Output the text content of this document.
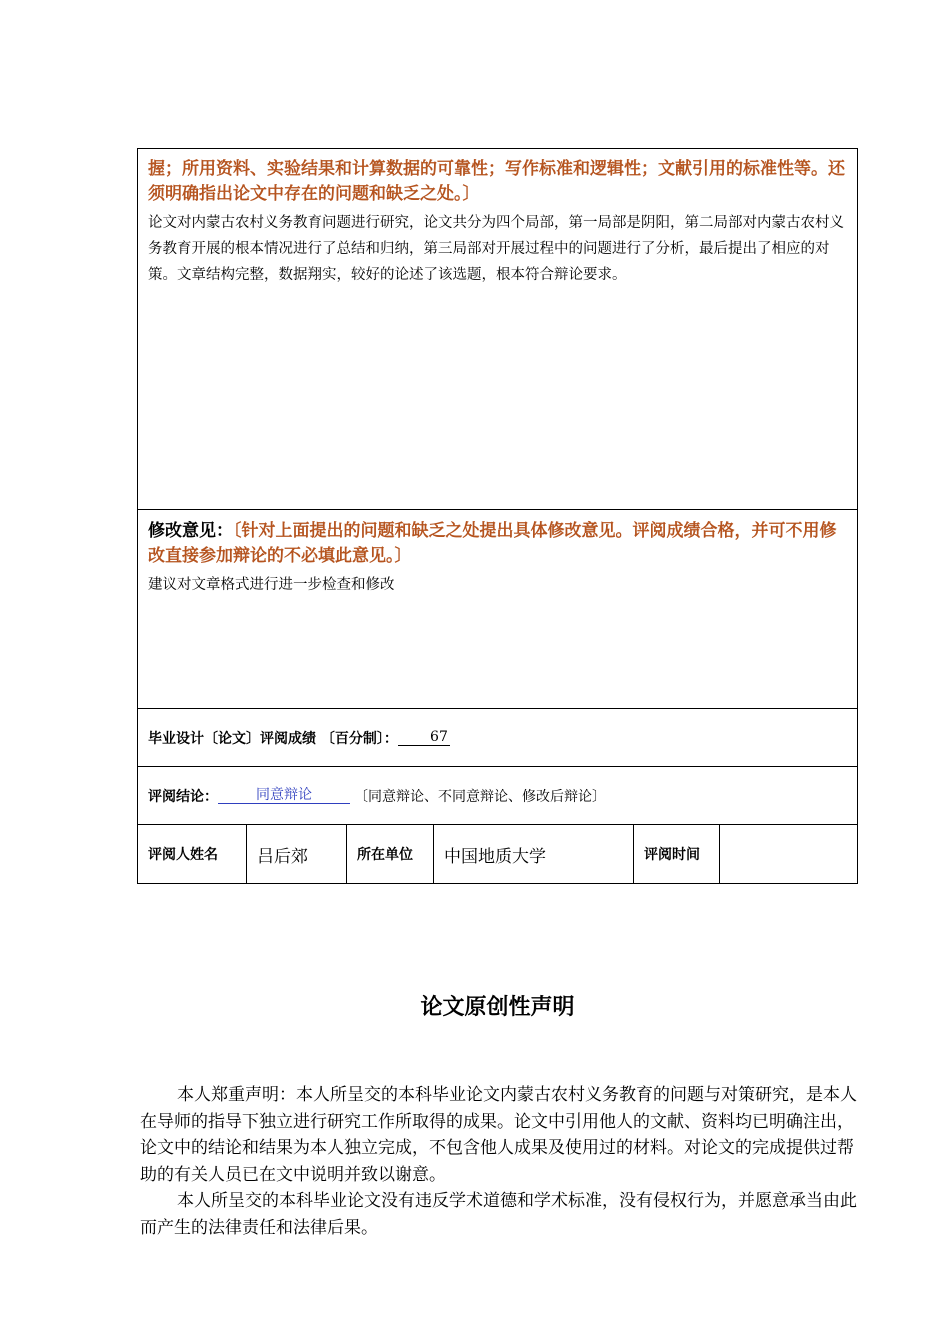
握；所用资料、实验结果和计算数据的可靠性；写作标准和逻辑性；文献引用的标准性等。还须明确指出论文中存在的问题和缺乏之处。〕
论文对内蒙古农村义务教育问题进行研究，论文共分为四个局部，第一局部是阴阳，第二局部对内蒙古农村义务教育开展的根本情况进行了总结和归纳，第三局部对开展过程中的问题进行了分析，最后提出了相应的对策。文章结构完整，数据翔实，较好的论述了该选题，根本符合辩论要求。
修改意见：〔针对上面提出的问题和缺乏之处提出具体修改意见。评阅成绩合格，并可不用修改直接参加辩论的不必填此意见。〕
建议对文章格式进行进一步检查和修改
毕业设计〔论文〕评阅成绩 〔百分制〕：	67
评阅结论：	同意辩论	〔同意辩论、不同意辩论、修改后辩论〕
评阅人姓名 吕后郊	所在单位 中国地质大学	评阅时间
论文原创性声明

本人郑重声明：本人所呈交的本科毕业论文内蒙古农村义务教育的问题与对策研究，是本人在导师的指导下独立进行研究工作所取得的成果。论文中引用他人的文献、资料均已明确注出，论文中的结论和结果为本人独立完成，不包含他人成果及使用过的材料。对论文的完成提供过帮助的有关人员已在文中说明并致以谢意。

本人所呈交的本科毕业论文没有违反学术道德和学术标准，没有侵权行为，并愿意承当由此而产生的法律责任和法律后果。
